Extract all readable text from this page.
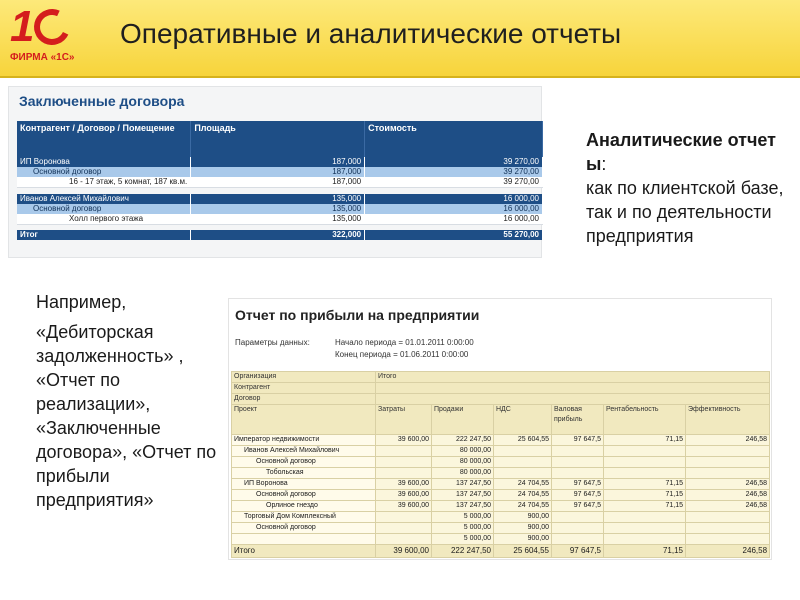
1
ФИРМА «1С»
Оперативные и аналитические отчеты
Заключенные договора
Контрагент / Договор / Помещение	Площадь	Стоимость
ИП Воронова	187,000	39 270,00
Основной договор	187,000	39 270,00
16 - 17 этаж, 5 комнат, 187 кв.м.	187,000	39 270,00

Иванов Алексей Михайлович	135,000	16 000,00
Основной договор	135,000	16 000,00
Холл первого этажа	135,000	16 000,00

Итог	322,000	55 270,00
Аналитические отчеты:
как по клиентской базе, так и по деятельности предприятия
Например,
«Дебиторская задолженность» , «Отчет по реализации», «Заключенные договора», «Отчет по прибыли предприятия»
Отчет по прибыли на предприятии
Параметры данных:	Начало периода = 01.01.2011 0:00:00
Конец периода = 01.06.2011 0:00:00
Организация	Итого					
Контрагент						
Договор						
Проект	Затраты	Продажи	НДС	Валовая прибыль	Рентабельность	Эффективность
Император недвижимости	39 600,00	222 247,50	25 604,55	97 647,5	71,15	246,58
Иванов Алексей Михайлович		80 000,00				
Основной договор		80 000,00				
Тобольская		80 000,00				
ИП Воронова	39 600,00	137 247,50	24 704,55	97 647,5	71,15	246,58
Основной договор	39 600,00	137 247,50	24 704,55	97 647,5	71,15	246,58
Орлиное гнездо	39 600,00	137 247,50	24 704,55	97 647,5	71,15	246,58
Торговый Дом Комплексный		5 000,00	900,00			
Основной договор		5 000,00	900,00			
		5 000,00	900,00			
Итого	39 600,00	222 247,50	25 604,55	97 647,5	71,15	246,58
